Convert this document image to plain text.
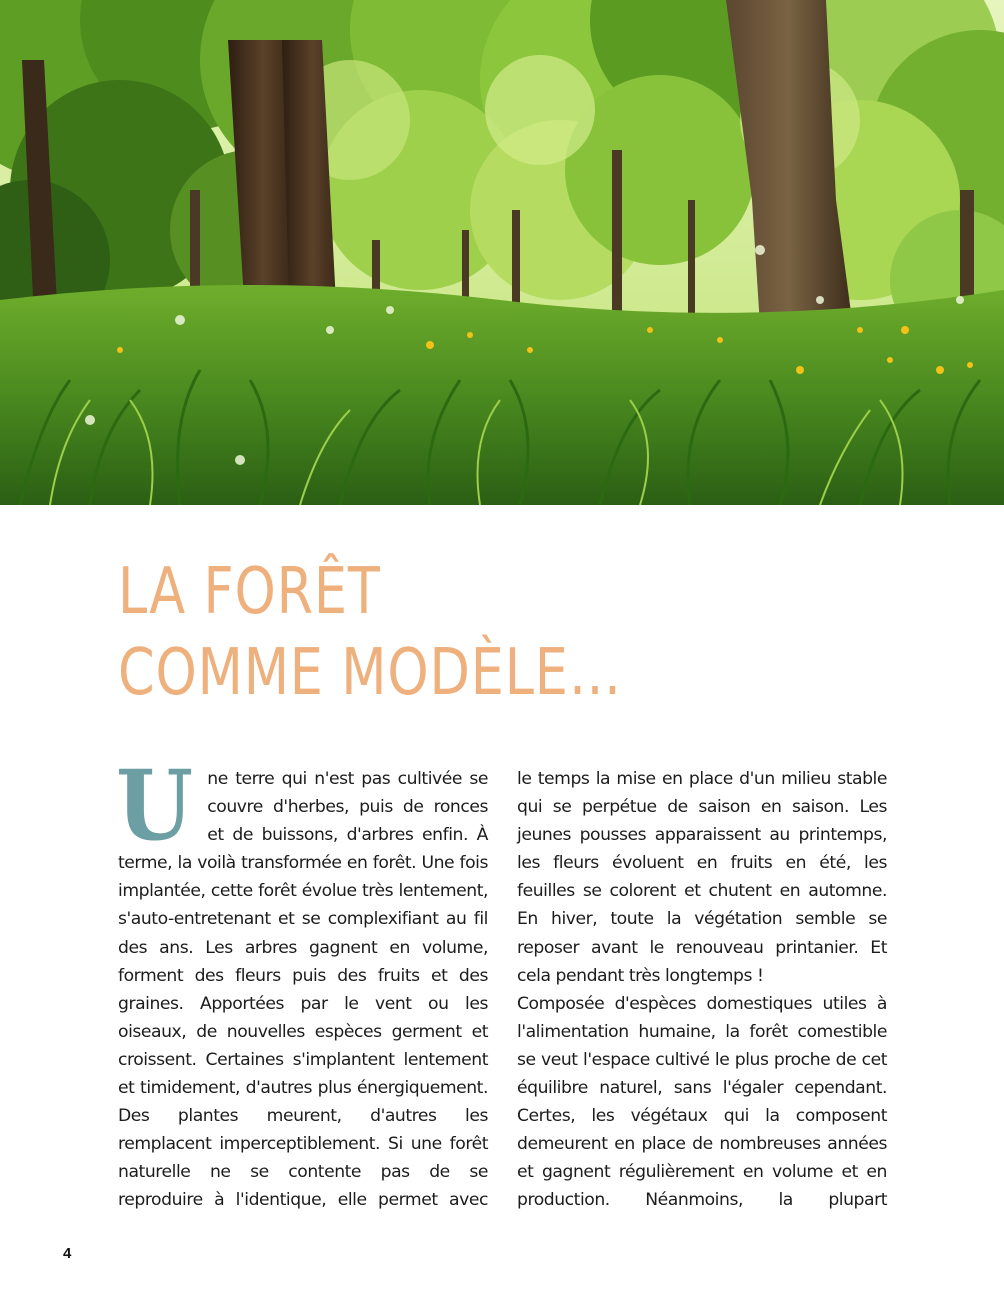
LA FORÊT
COMME MODÈLE…
U ne terre qui n'est pas cultivée se couvre d'herbes, puis de ronces et de buissons, d'arbres enfin. À terme, la voilà transformée en forêt. Une fois implantée, cette forêt évolue très lentement, s'auto-entretenant et se complexifiant au fil des ans. Les arbres gagnent en volume, forment des fleurs puis des fruits et des graines. Apportées par le vent ou les oiseaux, de nouvelles espèces germent et croissent. Certaines s'implantent lentement et timidement, d'autres plus énergiquement. Des plantes meurent, d'autres les remplacent imperceptiblement. Si une forêt naturelle ne se contente pas de se reproduire à l'identique, elle permet avec

le temps la mise en place d'un milieu stable qui se perpétue de saison en saison. Les jeunes pousses apparaissent au printemps, les fleurs évoluent en fruits en été, les feuilles se colorent et chutent en automne. En hiver, toute la végétation semble se reposer avant le renouveau printanier. Et cela pendant très longtemps !

Composée d'espèces domestiques utiles à l'alimentation humaine, la forêt comestible se veut l'espace cultivé le plus proche de cet équilibre naturel, sans l'égaler cependant. Certes, les végétaux qui la composent demeurent en place de nombreuses années et gagnent régulièrement en volume et en production. Néanmoins, la plupart

4
